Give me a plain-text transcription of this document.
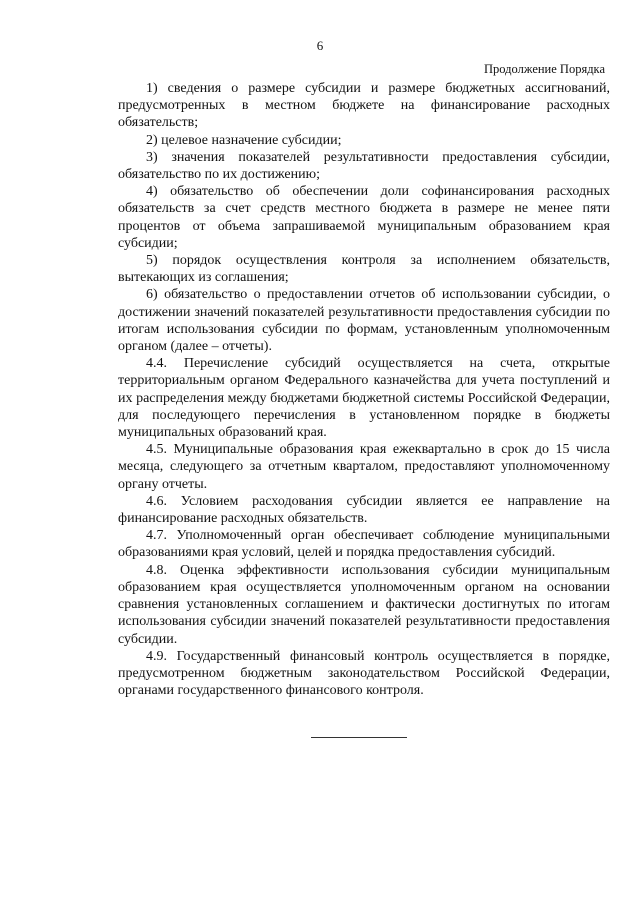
6
Продолжение Порядка

1) сведения о размере субсидии и размере бюджетных ассигнований, предусмотренных в местном бюджете на финансирование расходных обязательств;

2) целевое назначение субсидии;

3) значения показателей результативности предоставления субсидии, обязательство по их достижению;

4) обязательство об обеспечении доли софинансирования расходных обязательств за счет средств местного бюджета в размере не менее пяти процентов от объема запрашиваемой муниципальным образованием края субсидии;

5) порядок осуществления контроля за исполнением обязательств, вытекающих из соглашения;

6) обязательство о предоставлении отчетов об использовании субсидии, о достижении значений показателей результативности предоставления субсидии по итогам использования субсидии по формам, установленным уполномоченным органом (далее – отчеты).

4.4. Перечисление субсидий осуществляется на счета, открытые территориальным органом Федерального казначейства для учета поступлений и их распределения между бюджетами бюджетной системы Российской Федерации, для последующего перечисления в установленном порядке в бюджеты муниципальных образований края.

4.5. Муниципальные образования края ежеквартально в срок до 15 числа месяца, следующего за отчетным кварталом, предоставляют уполномоченному органу отчеты.

4.6. Условием расходования субсидии является ее направление на финансирование расходных обязательств.

4.7. Уполномоченный орган обеспечивает соблюдение муниципальными образованиями края условий, целей и порядка предоставления субсидий.

4.8. Оценка эффективности использования субсидии муниципальным образованием края осуществляется уполномоченным органом на основании сравнения установленных соглашением и фактически достигнутых по итогам использования субсидии значений показателей результативности предоставления субсидии.

4.9. Государственный финансовый контроль осуществляется в порядке, предусмотренном бюджетным законодательством Российской Федерации, органами государственного финансового контроля.
